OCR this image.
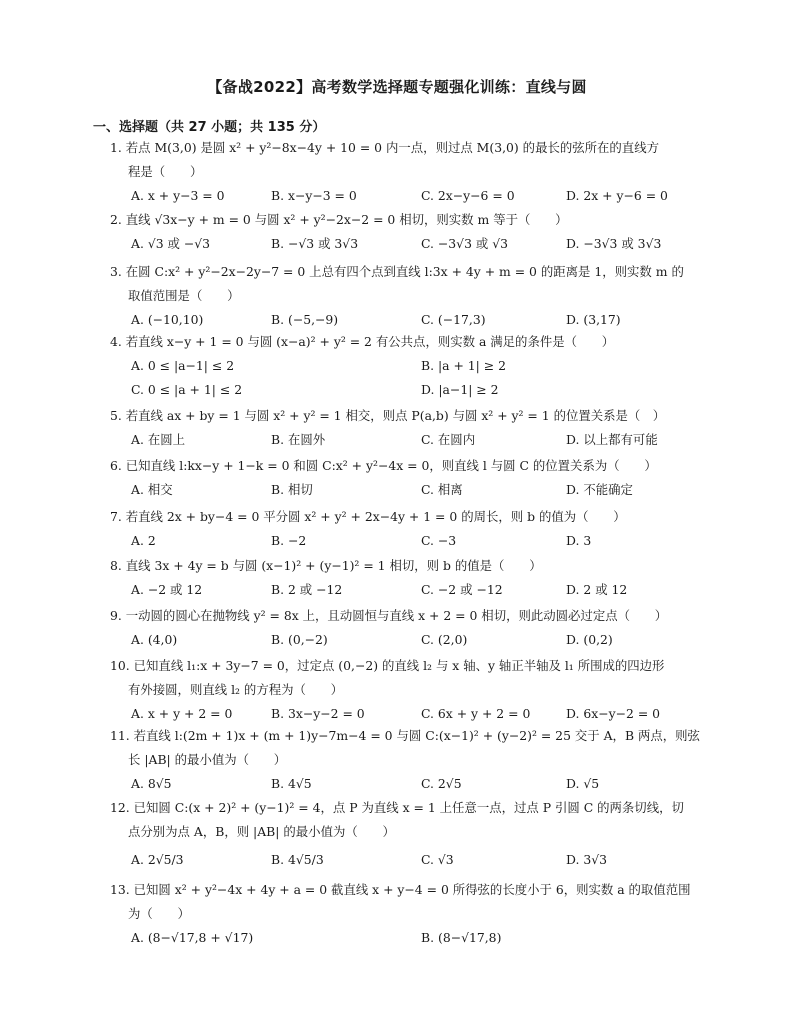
【备战2022】高考数学选择题专题强化训练：直线与圆
一、选择题（共 27 小题；共 135 分）
1. 若点 M(3,0) 是圆 x² + y²−8x−4y + 10 = 0 内一点，则过点 M(3,0) 的最长的弦所在的直线方
程是（　　）
A. x + y−3 = 0	B. x−y−3 = 0	C. 2x−y−6 = 0	D. 2x + y−6 = 0
2. 直线 √3x−y + m = 0 与圆 x² + y²−2x−2 = 0 相切，则实数 m 等于（　　）
A. √3 或 −√3	B. −√3 或 3√3	C. −3√3 或 √3	D. −3√3 或 3√3
3. 在圆 C:x² + y²−2x−2y−7 = 0 上总有四个点到直线 l:3x + 4y + m = 0 的距离是 1，则实数 m 的
取值范围是（　　）
A. (−10,10)	B. (−5,−9)	C. (−17,3)	D. (3,17)
4. 若直线 x−y + 1 = 0 与圆 (x−a)² + y² = 2 有公共点，则实数 a 满足的条件是（　　）
A. 0 ≤ |a−1| ≤ 2	B. |a + 1| ≥ 2
C. 0 ≤ |a + 1| ≤ 2	D. |a−1| ≥ 2
5. 若直线 ax + by = 1 与圆 x² + y² = 1 相交，则点 P(a,b) 与圆 x² + y² = 1 的位置关系是（　）
A. 在圆上	B. 在圆外	C. 在圆内	D. 以上都有可能
6. 已知直线 l:kx−y + 1−k = 0 和圆 C:x² + y²−4x = 0，则直线 l 与圆 C 的位置关系为（　　）
A. 相交	B. 相切	C. 相离	D. 不能确定
7. 若直线 2x + by−4 = 0 平分圆 x² + y² + 2x−4y + 1 = 0 的周长，则 b 的值为（　　）
A. 2	B. −2	C. −3	D. 3
8. 直线 3x + 4y = b 与圆 (x−1)² + (y−1)² = 1 相切，则 b 的值是（　　）
A. −2 或 12	B. 2 或 −12	C. −2 或 −12	D. 2 或 12
9. 一动圆的圆心在抛物线 y² = 8x 上，且动圆恒与直线 x + 2 = 0 相切，则此动圆必过定点（　　）
A. (4,0)	B. (0,−2)	C. (2,0)	D. (0,2)
10. 已知直线 l₁:x + 3y−7 = 0，过定点 (0,−2) 的直线 l₂ 与 x 轴、y 轴正半轴及 l₁ 所围成的四边形
有外接圆，则直线 l₂ 的方程为（　　）
A. x + y + 2 = 0	B. 3x−y−2 = 0	C. 6x + y + 2 = 0	D. 6x−y−2 = 0
11. 若直线 l:(2m + 1)x + (m + 1)y−7m−4 = 0 与圆 C:(x−1)² + (y−2)² = 25 交于 A，B 两点，则弦
长 |AB| 的最小值为（　　）
A. 8√5	B. 4√5	C. 2√5	D. √5
12. 已知圆 C:(x + 2)² + (y−1)² = 4，点 P 为直线 x = 1 上任意一点，过点 P 引圆 C 的两条切线，切
点分别为点 A，B，则 |AB| 的最小值为（　　）
A. 2√5/3	B. 4√5/3	C. √3	D. 3√3
13. 已知圆 x² + y²−4x + 4y + a = 0 截直线 x + y−4 = 0 所得弦的长度小于 6，则实数 a 的取值范围
为（　　）
A. (8−√17,8 + √17)	B. (8−√17,8)
